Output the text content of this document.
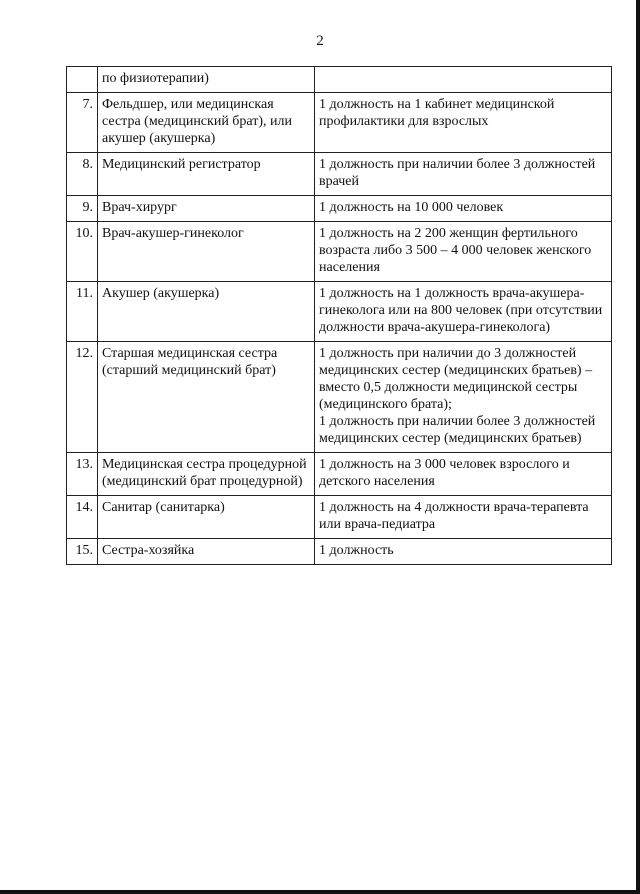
2
	по физиотерапии)	
7.	Фельдшер, или медицинская сестра (медицинский брат), или акушер (акушерка)	1 должность на 1 кабинет медицинской профилактики для взрослых
8.	Медицинский регистратор	1 должность при наличии более 3 должностей врачей
9.	Врач-хирург	1 должность на 10 000 человек
10.	Врач-акушер-гинеколог	1 должность на 2 200 женщин фертильного возраста либо 3 500 – 4 000 человек женского населения
11.	Акушер (акушерка)	1 должность на 1 должность врача-акушера-гинеколога или на 800 человек (при отсутствии должности врача-акушера-гинеколога)
12.	Старшая медицинская сестра (старший медицинский брат)	1 должность при наличии до 3 должностей медицинских сестер (медицинских братьев) – вместо 0,5 должности медицинской сестры (медицинского брата);
1 должность при наличии более 3 должностей медицинских сестер (медицинских братьев)
13.	Медицинская сестра процедурной (медицинский брат процедурной)	1 должность на 3 000 человек взрослого и детского населения
14.	Санитар (санитарка)	1 должность на 4 должности врача-терапевта или врача-педиатра
15.	Сестра-хозяйка	1 должность
